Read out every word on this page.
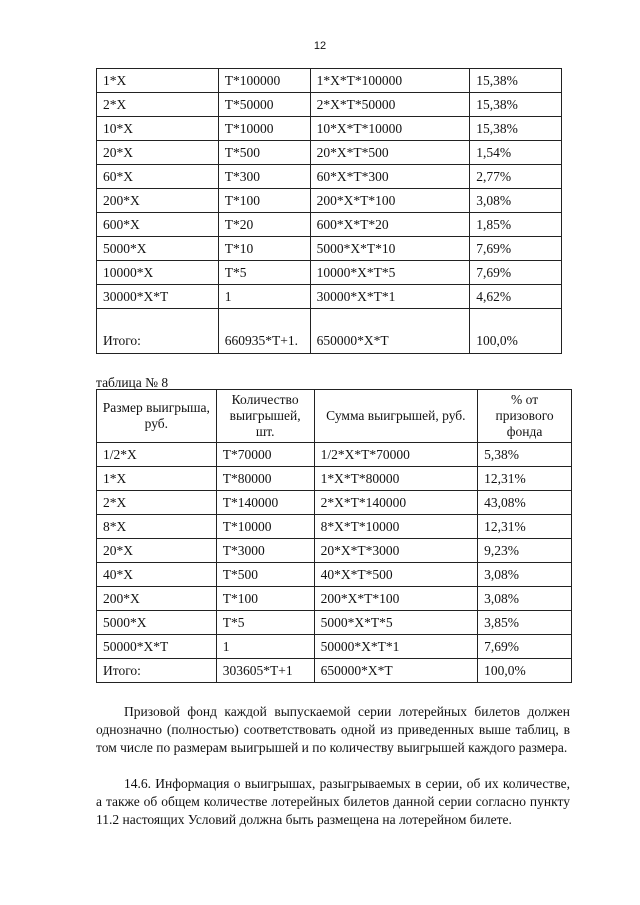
12
1*Х	Т*100000	1*Х*Т*100000	15,38%
2*Х	Т*50000	2*Х*Т*50000	15,38%
10*Х	Т*10000	10*Х*Т*10000	15,38%
20*Х	Т*500	20*Х*Т*500	1,54%
60*Х	Т*300	60*Х*Т*300	2,77%
200*Х	Т*100	200*Х*Т*100	3,08%
600*Х	Т*20	600*Х*Т*20	1,85%
5000*Х	Т*10	5000*Х*Т*10	7,69%
10000*Х	Т*5	10000*Х*Т*5	7,69%
30000*Х*Т	1	30000*Х*Т*1	4,62%
Итого:	660935*Т+1.	650000*Х*Т	100,0%
таблица № 8
Размер выигрыша, руб.	Количество выигрышей, шт.	Сумма выигрышей, руб.	% от призового фонда
1/2*Х	Т*70000	1/2*Х*Т*70000	5,38%
1*Х	Т*80000	1*Х*Т*80000	12,31%
2*Х	Т*140000	2*Х*Т*140000	43,08%
8*Х	Т*10000	8*Х*Т*10000	12,31%
20*Х	Т*3000	20*Х*Т*3000	9,23%
40*Х	Т*500	40*Х*Т*500	3,08%
200*Х	Т*100	200*Х*Т*100	3,08%
5000*Х	Т*5	5000*Х*Т*5	3,85%
50000*Х*Т	1	50000*Х*Т*1	7,69%
Итого:	303605*Т+1	650000*Х*Т	100,0%

Призовой фонд каждой выпускаемой серии лотерейных билетов должен однозначно (полностью) соответствовать одной из приведенных выше таблиц, в том числе по размерам выигрышей и по количеству выигрышей каждого размера.

14.6. Информация о выигрышах, разыгрываемых в серии, об их количестве, а также об общем количестве лотерейных билетов данной серии согласно пункту 11.2 настоящих Условий должна быть размещена на лотерейном билете.
